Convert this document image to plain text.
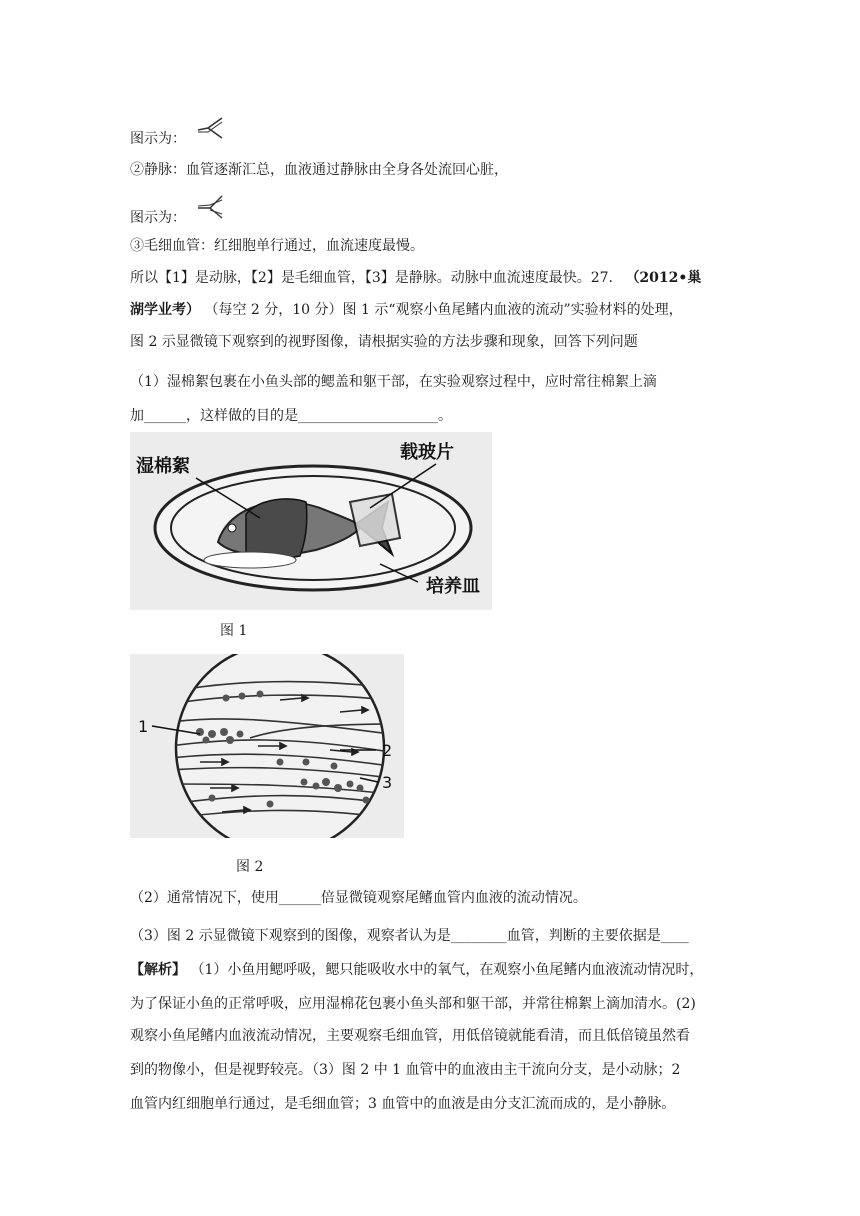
图示为：
②静脉：血管逐渐汇总，血液通过静脉由全身各处流回心脏，
图示为：
③毛细血管：红细胞单行通过，血流速度最慢。
所以【1】是动脉，【2】是毛细血管，【3】是静脉。动脉中血流速度最快。27. （2012•巢
湖学业考） （每空 2 分，10 分）图 1 示“观察小鱼尾鳍内血液的流动”实验材料的处理，
图 2 示显微镜下观察到的视野图像，请根据实验的方法步骤和现象，回答下列问题
（1）湿棉絮包裹在小鱼头部的鳃盖和躯干部，在实验观察过程中，应时常往棉絮上滴
加______，这样做的目的是____________________。
湿棉絮
载玻片
培养皿
图 1
1
2
3
图 2
（2）通常情况下，使用______倍显微镜观察尾鳍血管内血液的流动情况。
（3）图 2 示显微镜下观察到的图像，观察者认为是________血管，判断的主要依据是____
【解析】 （1）小鱼用鳃呼吸，鳃只能吸收水中的氧气，在观察小鱼尾鳍内血液流动情况时，
为了保证小鱼的正常呼吸，应用湿棉花包裹小鱼头部和躯干部，并常往棉絮上滴加清水。(2)
观察小鱼尾鳍内血液流动情况，主要观察毛细血管，用低倍镜就能看清，而且低倍镜虽然看
到的物像小，但是视野较亮。（3）图 2 中 1 血管中的血液由主干流向分支，是小动脉；2
血管内红细胞单行通过，是毛细血管；3 血管中的血液是由分支汇流而成的，是小静脉。
